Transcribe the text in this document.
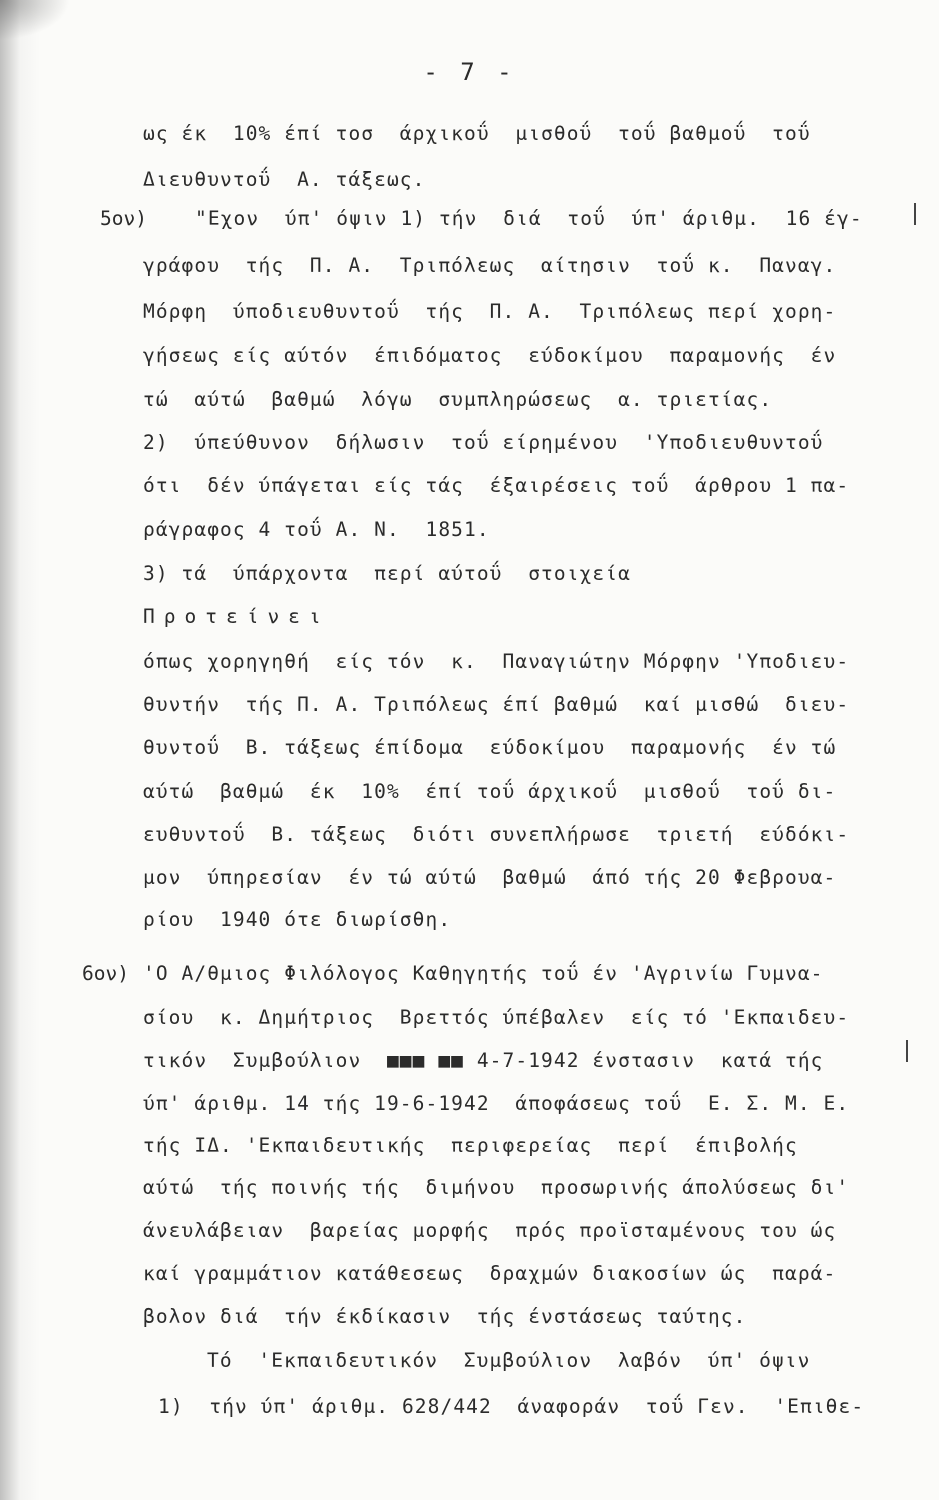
- 7 -
ως έκ  10% έπί τοσ  άρχικοΰ  μισθοΰ  τοΰ βαθμοΰ  τοΰ
Διευθυντοΰ  Α. τάξεως.
5ον) "Εχον  ύπ' όψιν 1) τήν  διά  τοΰ  ύπ' άριθμ.  16 έγ-
γράφου  τής  Π. Α.  Τριπόλεως  αίτησιν  τοΰ κ.  Παναγ.
Μόρφη  ύποδιευθυντοΰ  τής  Π. Α.  Τριπόλεως περί χορη-
γήσεως είς αύτόν  έπιδόματος  εύδοκίμου  παραμονής  έν
τώ  αύτώ  βαθμώ  λόγω  συμπληρώσεως  α. τριετίας.
2)  ύπεύθυνον  δήλωσιν  τοΰ είρημένου  'Υποδιευθυντοΰ
ότι  δέν ύπάγεται είς τάς  έξαιρέσεις τοΰ  άρθρου 1 πα-
ράγραφος 4 τοΰ Α. Ν.  1851.
3) τά  ύπάρχοντα  περί αύτοΰ  στοιχεία
Προτείνει
όπως χορηγηθή  είς τόν  κ.  Παναγιώτην Μόρφην 'Υποδιευ-
θυντήν  τής Π. Α. Τριπόλεως έπί βαθμώ  καί μισθώ  διευ-
θυντοΰ  Β. τάξεως έπίδομα  εύδοκίμου  παραμονής  έν τώ
αύτώ  βαθμώ  έκ  10%  έπί τοΰ άρχικοΰ  μισθοΰ  τοΰ δι-
ευθυντοΰ  Β. τάξεως  διότι συνεπλήρωσε  τριετή  εύδόκι-
μον  ύπηρεσίαν  έν τώ αύτώ  βαθμώ  άπό τής 20 Φεβρουα-
ρίου  1940 ότε διωρίσθη.
6ον) 'Ο Α/θμιος Φιλόλογος Καθηγητής τοΰ έν 'Αγρινίω Γυμνα-
σίου  κ. Δημήτριος  Βρεττός ύπέβαλεν  είς τό 'Εκπαιδευ-
τικόν  Συμβούλιον  ■■■ ■■ 4-7-1942 ένστασιν  κατά τής
ύπ' άριθμ. 14 τής 19-6-1942  άποφάσεως τοΰ  Ε. Σ. Μ. Ε.
τής ΙΔ. 'Εκπαιδευτικής  περιφερείας  περί  έπιβολής
αύτώ  τής ποινής τής  διμήνου  προσωρινής άπολύσεως δι'
άνευλάβειαν  βαρείας μορφής  πρός προϊσταμένους του ώς
καί γραμμάτιον κατάθεσεως  δραχμών διακοσίων ώς  παρά-
βολον διά  τήν έκδίκασιν  τής ένστάσεως ταύτης.
Τό  'Εκπαιδευτικόν  Συμβούλιον  λαβόν  ύπ' όψιν
1)  τήν ύπ' άριθμ. 628/442  άναφοράν  τοΰ Γεν.  'Επιθε-
